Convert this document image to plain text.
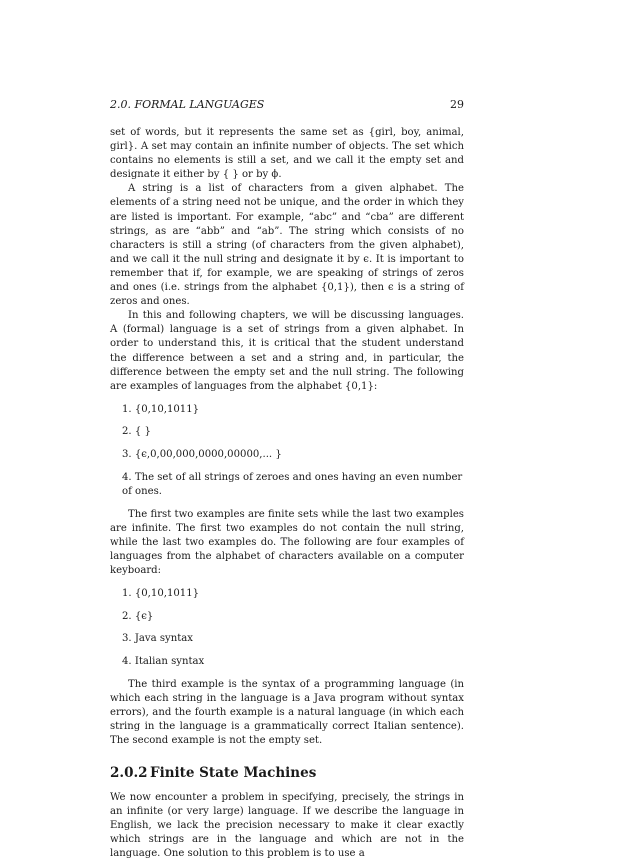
2.0. FORMAL LANGUAGES	29

set of words, but it represents the same set as {girl, boy, animal, girl}. A set may contain an infinite number of objects. The set which contains no elements is still a set, and we call it the empty set and designate it either by { } or by ϕ.

A string is a list of characters from a given alphabet. The elements of a string need not be unique, and the order in which they are listed is important. For example, “abc” and “cba” are different strings, as are “abb” and “ab”. The string which consists of no characters is still a string (of characters from the given alphabet), and we call it the null string and designate it by ϵ. It is important to remember that if, for example, we are speaking of strings of zeros and ones (i.e. strings from the alphabet {0,1}), then ϵ is a string of zeros and ones.

In this and following chapters, we will be discussing languages. A (formal) language is a set of strings from a given alphabet. In order to understand this, it is critical that the student understand the difference between a set and a string and, in particular, the difference between the empty set and the null string. The following are examples of languages from the alphabet {0,1}:

1. {0,10,1011}
2. { }
3. {ϵ,0,00,000,0000,00000,... }
4. The set of all strings of zeroes and ones having an even number of ones.

The first two examples are finite sets while the last two examples are infinite. The first two examples do not contain the null string, while the last two examples do. The following are four examples of languages from the alphabet of characters available on a computer keyboard:

1. {0,10,1011}
2. {ϵ}
3. Java syntax
4. Italian syntax

The third example is the syntax of a programming language (in which each string in the language is a Java program without syntax errors), and the fourth example is a natural language (in which each string in the language is a grammatically correct Italian sentence). The second example is not the empty set.

2.0.2 Finite State Machines

We now encounter a problem in specifying, precisely, the strings in an infinite (or very large) language. If we describe the language in English, we lack the precision necessary to make it clear exactly which strings are in the language and which are not in the language. One solution to this problem is to use a
